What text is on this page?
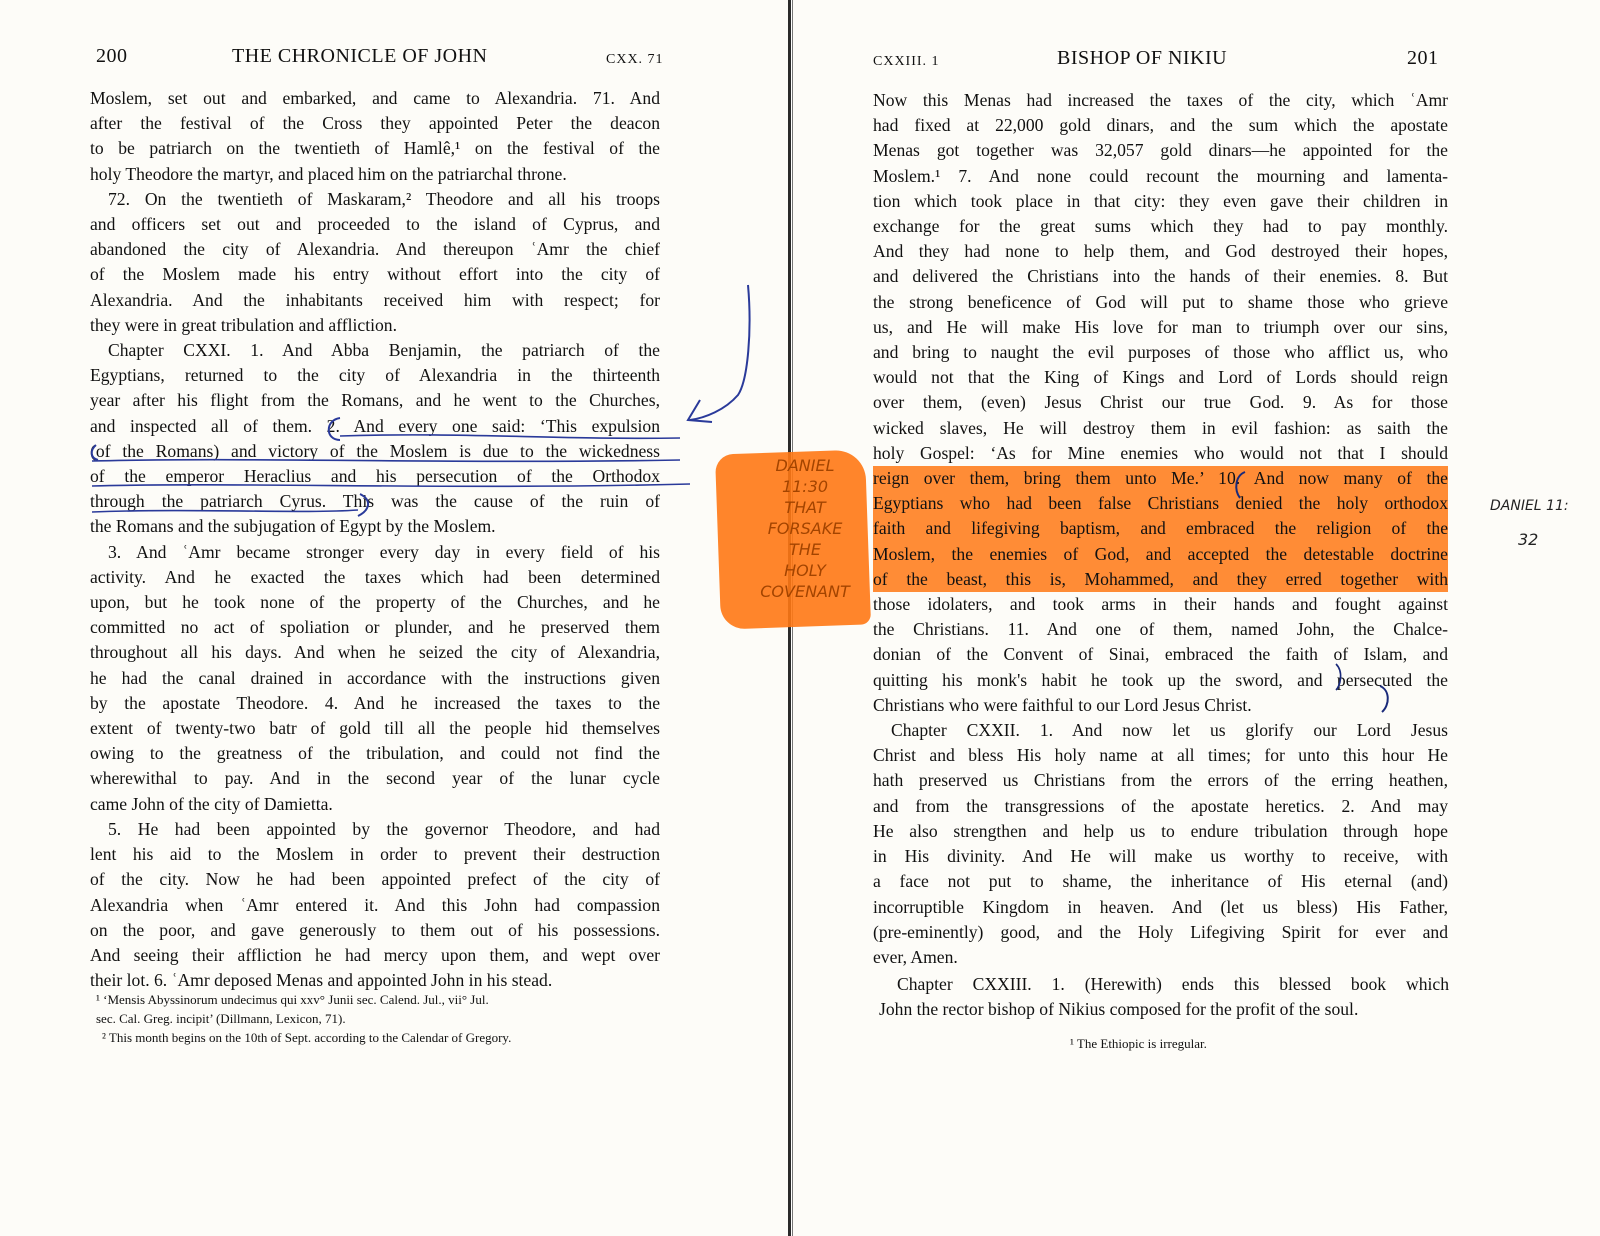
200	THE CHRONICLE OF JOHN	CXX. 71
Moslem, set out and embarked, and came to Alexandria. 71. And
after the festival of the Cross they appointed Peter the deacon
to be patriarch on the twentieth of Hamlê,¹ on the festival of the
holy Theodore the martyr, and placed him on the patriarchal throne.
72. On the twentieth of Maskaram,² Theodore and all his troops
and officers set out and proceeded to the island of Cyprus, and
abandoned the city of Alexandria. And thereupon ʿAmr the chief
of the Moslem made his entry without effort into the city of
Alexandria. And the inhabitants received him with respect; for
they were in great tribulation and affliction.
Chapter CXXI. 1. And Abba Benjamin, the patriarch of the
Egyptians, returned to the city of Alexandria in the thirteenth
year after his flight from the Romans, and he went to the Churches,
and inspected all of them. 2. And every one said: ‘This expulsion
(of the Romans) and victory of the Moslem is due to the wickedness
of the emperor Heraclius and his persecution of the Orthodox
through the patriarch Cyrus. This was the cause of the ruin of
the Romans and the subjugation of Egypt by the Moslem.
3. And ʿAmr became stronger every day in every field of his
activity. And he exacted the taxes which had been determined
upon, but he took none of the property of the Churches, and he
committed no act of spoliation or plunder, and he preserved them
throughout all his days. And when he seized the city of Alexandria,
he had the canal drained in accordance with the instructions given
by the apostate Theodore. 4. And he increased the taxes to the
extent of twenty-two batr of gold till all the people hid themselves
owing to the greatness of the tribulation, and could not find the
wherewithal to pay. And in the second year of the lunar cycle
came John of the city of Damietta.
5. He had been appointed by the governor Theodore, and had
lent his aid to the Moslem in order to prevent their destruction
of the city. Now he had been appointed prefect of the city of
Alexandria when ʿAmr entered it. And this John had compassion
on the poor, and gave generously to them out of his possessions.
And seeing their affliction he had mercy upon them, and wept over
their lot. 6. ʿAmr deposed Menas and appointed John in his stead.
¹ ‘Mensis Abyssinorum undecimus qui xxv° Junii sec. Calend. Jul., vii° Jul.
sec. Cal. Greg. incipit’ (Dillmann, Lexicon, 71).
² This month begins on the 10th of Sept. according to the Calendar of Gregory.
CXXIII. 1	BISHOP OF NIKIU	201
Now this Menas had increased the taxes of the city, which ʿAmr
had fixed at 22,000 gold dinars, and the sum which the apostate
Menas got together was 32,057 gold dinars—he appointed for the
Moslem.¹ 7. And none could recount the mourning and lamenta-
tion which took place in that city: they even gave their children in
exchange for the great sums which they had to pay monthly.
And they had none to help them, and God destroyed their hopes,
and delivered the Christians into the hands of their enemies. 8. But
the strong beneficence of God will put to shame those who grieve
us, and He will make His love for man to triumph over our sins,
and bring to naught the evil purposes of those who afflict us, who
would not that the King of Kings and Lord of Lords should reign
over them, (even) Jesus Christ our true God. 9. As for those
wicked slaves, He will destroy them in evil fashion: as saith the
holy Gospel: ‘As for Mine enemies who would not that I should
reign over them, bring them unto Me.’ 10. And now many of the
Egyptians who had been false Christians denied the holy orthodox
faith and lifegiving baptism, and embraced the religion of the
Moslem, the enemies of God, and accepted the detestable doctrine
of the beast, this is, Mohammed, and they erred together with
those idolaters, and took arms in their hands and fought against
the Christians. 11. And one of them, named John, the Chalce-
donian of the Convent of Sinai, embraced the faith of Islam, and
quitting his monk's habit he took up the sword, and persecuted the
Christians who were faithful to our Lord Jesus Christ.
Chapter CXXII. 1. And now let us glorify our Lord Jesus
Christ and bless His holy name at all times; for unto this hour He
hath preserved us Christians from the errors of the erring heathen,
and from the transgressions of the apostate heretics. 2. And may
He also strengthen and help us to endure tribulation through hope
in His divinity. And He will make us worthy to receive, with
a face not put to shame, the inheritance of His eternal (and)
incorruptible Kingdom in heaven. And (let us bless) His Father,
(pre-eminently) good, and the Holy Lifegiving Spirit for ever and
ever, Amen.
Chapter CXXIII. 1. (Herewith) ends this blessed book which
John the rector bishop of Nikius composed for the profit of the soul.
¹ The Ethiopic is irregular.
DANIEL
11:30
THAT
FORSAKE
THE
HOLY
COVENANT
DANIEL 11:
32
